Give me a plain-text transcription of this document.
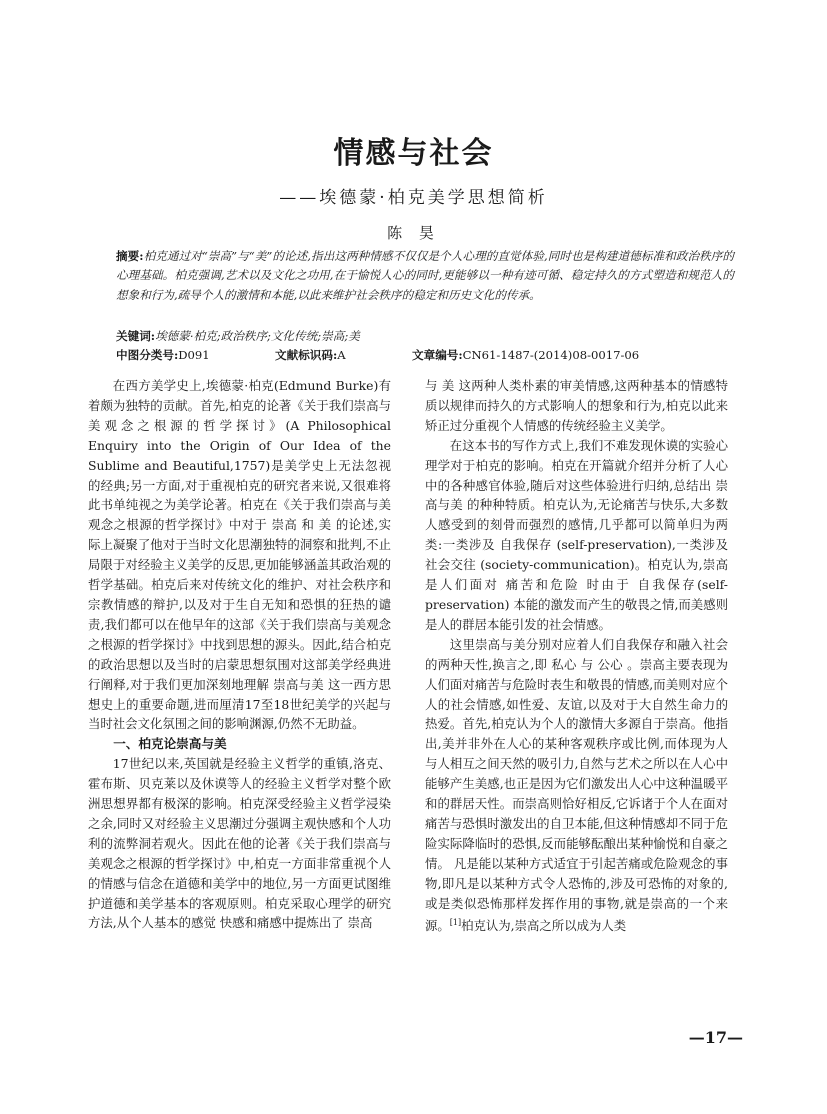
情感与社会
——埃德蒙·柏克美学思想简析
陈 昊
摘要:柏克通过对“崇高”与“美”的论述,指出这两种情感不仅仅是个人心理的直觉体验,同时也是构建道德标准和政治秩序的心理基础。柏克强调,艺术以及文化之功用,在于愉悦人心的同时,更能够以一种有迹可循、稳定持久的方式塑造和规范人的想象和行为,疏导个人的激情和本能,以此来维护社会秩序的稳定和历史文化的传承。
关键词:埃德蒙·柏克;政治秩序;文化传统;崇高;美
中图分类号:D091	文献标识码:A	文章编号:CN61-1487-(2014)08-0017-06

在西方美学史上,埃德蒙·柏克(Edmund Burke)有着颇为独特的贡献。首先,柏克的论著《关于我们崇高与美观念之根源的哲学探讨》(A Philosophical Enquiry into the Origin of Our Idea of the Sublime and Beautiful,1757)是美学史上无法忽视的经典;另一方面,对于重视柏克的研究者来说,又很难将此书单纯视之为美学论著。柏克在《关于我们崇高与美观念之根源的哲学探讨》中对于 崇高 和 美 的论述,实际上凝聚了他对于当时文化思潮独特的洞察和批判,不止局限于对经验主义美学的反思,更加能够涵盖其政治观的哲学基础。柏克后来对传统文化的维护、对社会秩序和宗教情感的辩护,以及对于生自无知和恐惧的狂热的谴责,我们都可以在他早年的这部《关于我们崇高与美观念之根源的哲学探讨》中找到思想的源头。因此,结合柏克的政治思想以及当时的启蒙思想氛围对这部美学经典进行阐释,对于我们更加深刻地理解 崇高与美 这一西方思想史上的重要命题,进而厘清17至18世纪美学的兴起与当时社会文化氛围之间的影响渊源,仍然不无助益。

一、柏克论崇高与美

17世纪以来,英国就是经验主义哲学的重镇,洛克、霍布斯、贝克莱以及休谟等人的经验主义哲学对整个欧洲思想界都有极深的影响。柏克深受经验主义哲学浸染之余,同时又对经验主义思潮过分强调主观快感和个人功利的流弊洞若观火。因此在他的论著《关于我们崇高与美观念之根源的哲学探讨》中,柏克一方面非常重视个人的情感与信念在道德和美学中的地位,另一方面更试图维护道德和美学基本的客观原则。柏克采取心理学的研究方法,从个人基本的感觉 快感和痛感中提炼出了 崇高

与 美 这两种人类朴素的审美情感,这两种基本的情感特质以规律而持久的方式影响人的想象和行为,柏克以此来矫正过分重视个人情感的传统经验主义美学。

在这本书的写作方式上,我们不难发现休谟的实验心理学对于柏克的影响。柏克在开篇就介绍并分析了人心中的各种感官体验,随后对这些体验进行归纳,总结出 崇高与美 的种种特质。柏克认为,无论痛苦与快乐,大多数人感受到的刻骨而强烈的感情,几乎都可以简单归为两类:一类涉及 自我保存 (self-preservation),一类涉及 社会交往 (society-communication)。柏克认为,崇高是人们面对 痛苦和危险 时由于 自我保存(self-preservation) 本能的激发而产生的敬畏之情,而美感则是人的群居本能引发的社会情感。

这里崇高与美分别对应着人们自我保存和融入社会的两种天性,换言之,即 私心 与 公心 。崇高主要表现为人们面对痛苦与危险时表生和敬畏的情感,而美则对应个人的社会情感,如性爱、友谊,以及对于大自然生命力的热爱。首先,柏克认为个人的激情大多源自于崇高。他指出,美并非外在人心的某种客观秩序或比例,而体现为人与人相互之间天然的吸引力,自然与艺术之所以在人心中能够产生美感,也正是因为它们激发出人心中这种温暖平和的群居天性。而崇高则恰好相反,它诉诸于个人在面对痛苦与恐惧时激发出的自卫本能,但这种情感却不同于危险实际降临时的恐惧,反而能够酝酿出某种愉悦和自豪之情。 凡是能以某种方式适宜于引起苦痛或危险观念的事物,即凡是以某种方式令人恐怖的,涉及可恐怖的对象的,或是类似恐怖那样发挥作用的事物,就是崇高的一个来源。[1]柏克认为,崇高之所以成为人类

—17—
